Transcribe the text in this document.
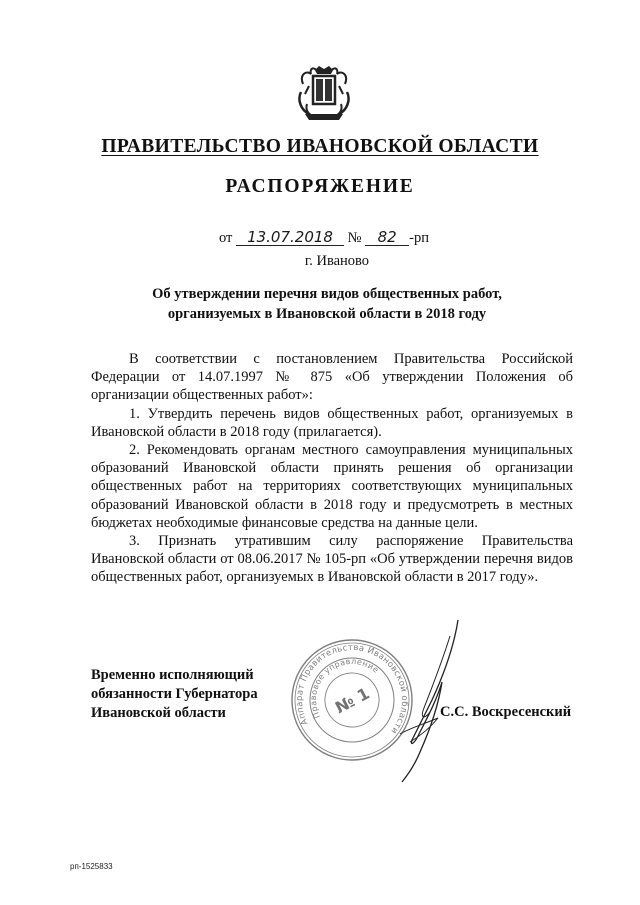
ПРАВИТЕЛЬСТВО ИВАНОВСКОЙ ОБЛАСТИ
РАСПОРЯЖЕНИЕ
от 13.07.2018 № 82 -рп
г. Иваново
Об утверждении перечня видов общественных работ,
организуемых в Ивановской области в 2018 году

В соответствии с постановлением Правительства Российской Федерации от 14.07.1997 № 875 «Об утверждении Положения об организации общественных работ»:

1. Утвердить перечень видов общественных работ, организуемых в Ивановской области в 2018 году (прилагается).

2. Рекомендовать органам местного самоуправления муниципальных образований Ивановской области принять решения об организации общественных работ на территориях соответствующих муниципальных образований Ивановской области в 2018 году и предусмотреть в местных бюджетах необходимые финансовые средства на данные цели.

3. Признать утратившим силу распоряжение Правительства Ивановской области от 08.06.2017 № 105-рп «Об утверждении перечня видов общественных работ, организуемых в Ивановской области в 2017 году».

Временно исполняющий
обязанности Губернатора
Ивановской области
Аппарат Правительства Ивановской области
Правовое управление
№ 1	С.С. Воскресенский
рп-1525833
